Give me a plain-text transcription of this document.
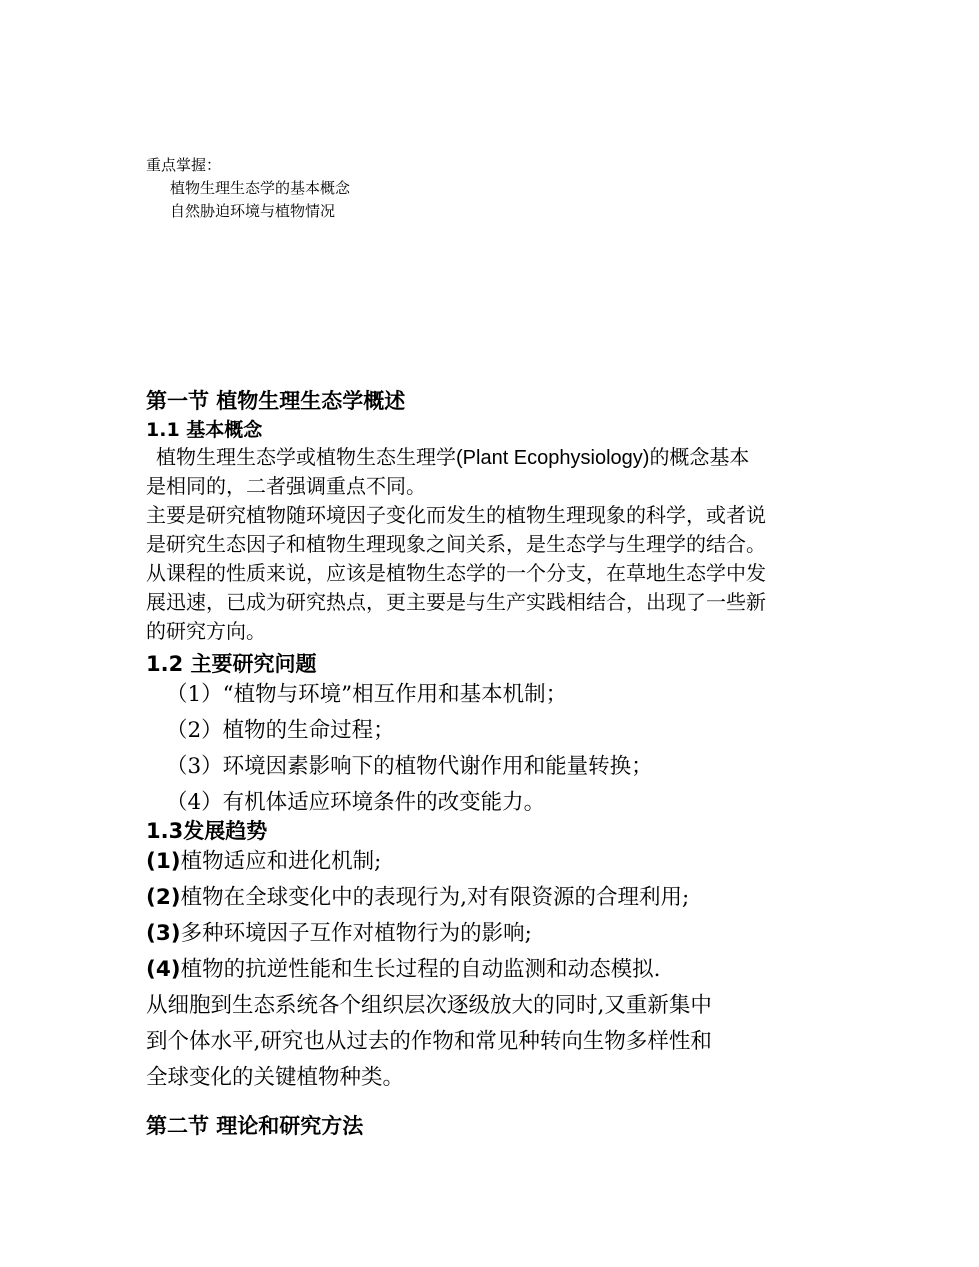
重点掌握：
植物生理生态学的基本概念
自然胁迫环境与植物情况
第一节 植物生理生态学概述
1.1 基本概念
植物生理生态学或植物生态生理学(Plant Ecophysiology)的概念基本
是相同的，二者强调重点不同。
主要是研究植物随环境因子变化而发生的植物生理现象的科学，或者说
是研究生态因子和植物生理现象之间关系，是生态学与生理学的结合。
从课程的性质来说，应该是植物生态学的一个分支，在草地生态学中发
展迅速，已成为研究热点，更主要是与生产实践相结合，出现了一些新
的研究方向。
1.2 主要研究问题
（1）“植物与环境”相互作用和基本机制；
（2）植物的生命过程；
（3）环境因素影响下的植物代谢作用和能量转换；
（4）有机体适应环境条件的改变能力。
1.3发展趋势
(1)植物适应和进化机制;
(2)植物在全球变化中的表现行为,对有限资源的合理利用;
(3)多种环境因子互作对植物行为的影响;
(4)植物的抗逆性能和生长过程的自动监测和动态模拟.
从细胞到生态系统各个组织层次逐级放大的同时,又重新集中
到个体水平,研究也从过去的作物和常见种转向生物多样性和
全球变化的关键植物种类。
第二节 理论和研究方法
